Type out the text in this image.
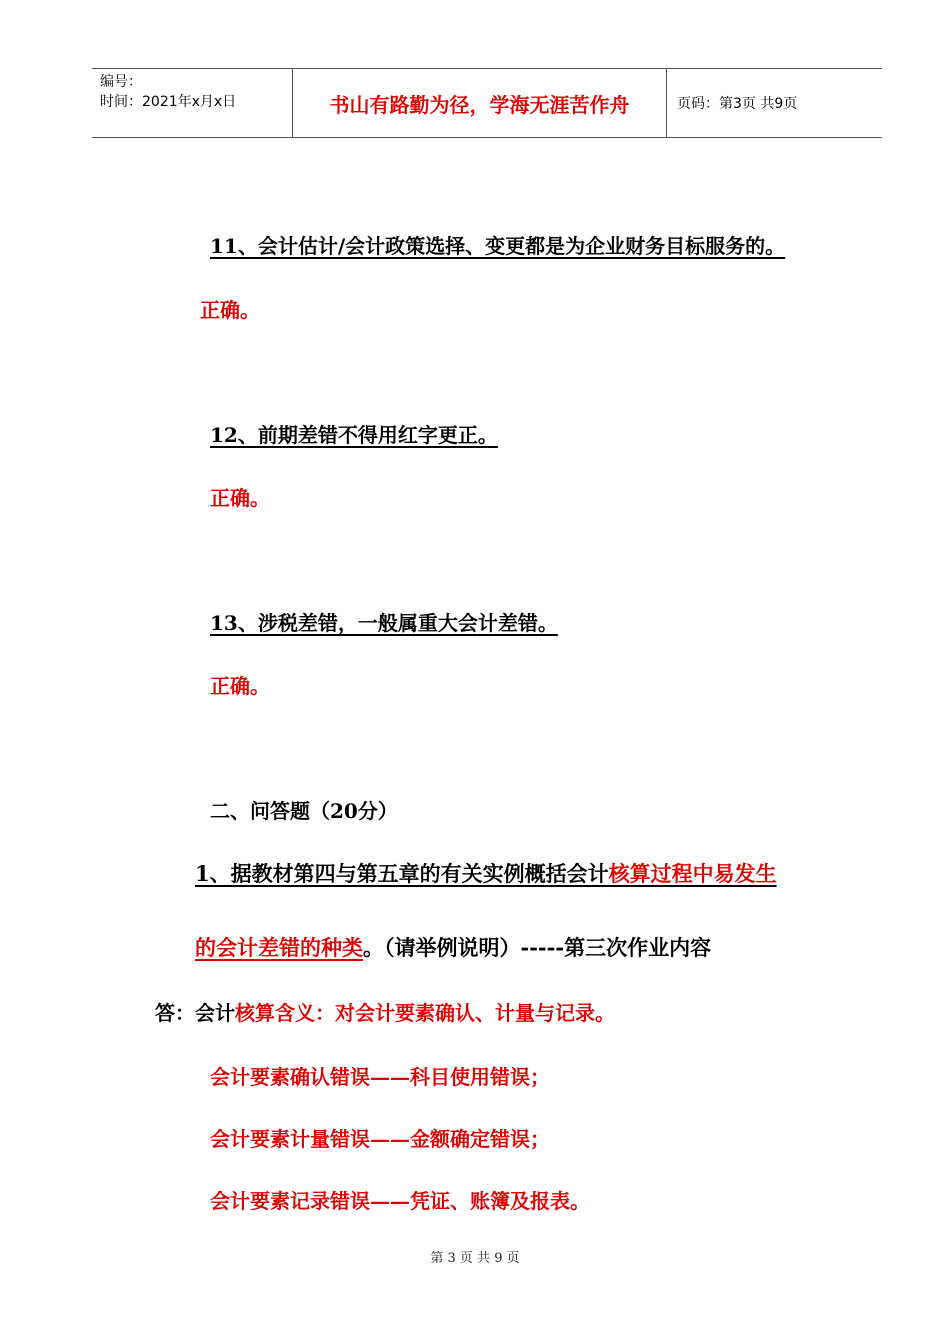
编号：
时间：2021年x月x日	书山有路勤为径，学海无涯苦作舟	页码：第3页 共9页
11、会计估计/会计政策选择、变更都是为企业财务目标服务的。
正确。
12、前期差错不得用红字更正。
正确。
13、涉税差错，一般属重大会计差错。
正确。
二、问答题（20分）
1、据教材第四与第五章的有关实例概括会计核算过程中易发生
的会计差错的种类。（请举例说明）-----第三次作业内容
答：会计核算含义：对会计要素确认、计量与记录。
会计要素确认错误——科目使用错误；
会计要素计量错误——金额确定错误；
会计要素记录错误——凭证、账簿及报表。
第 3 页 共 9 页
